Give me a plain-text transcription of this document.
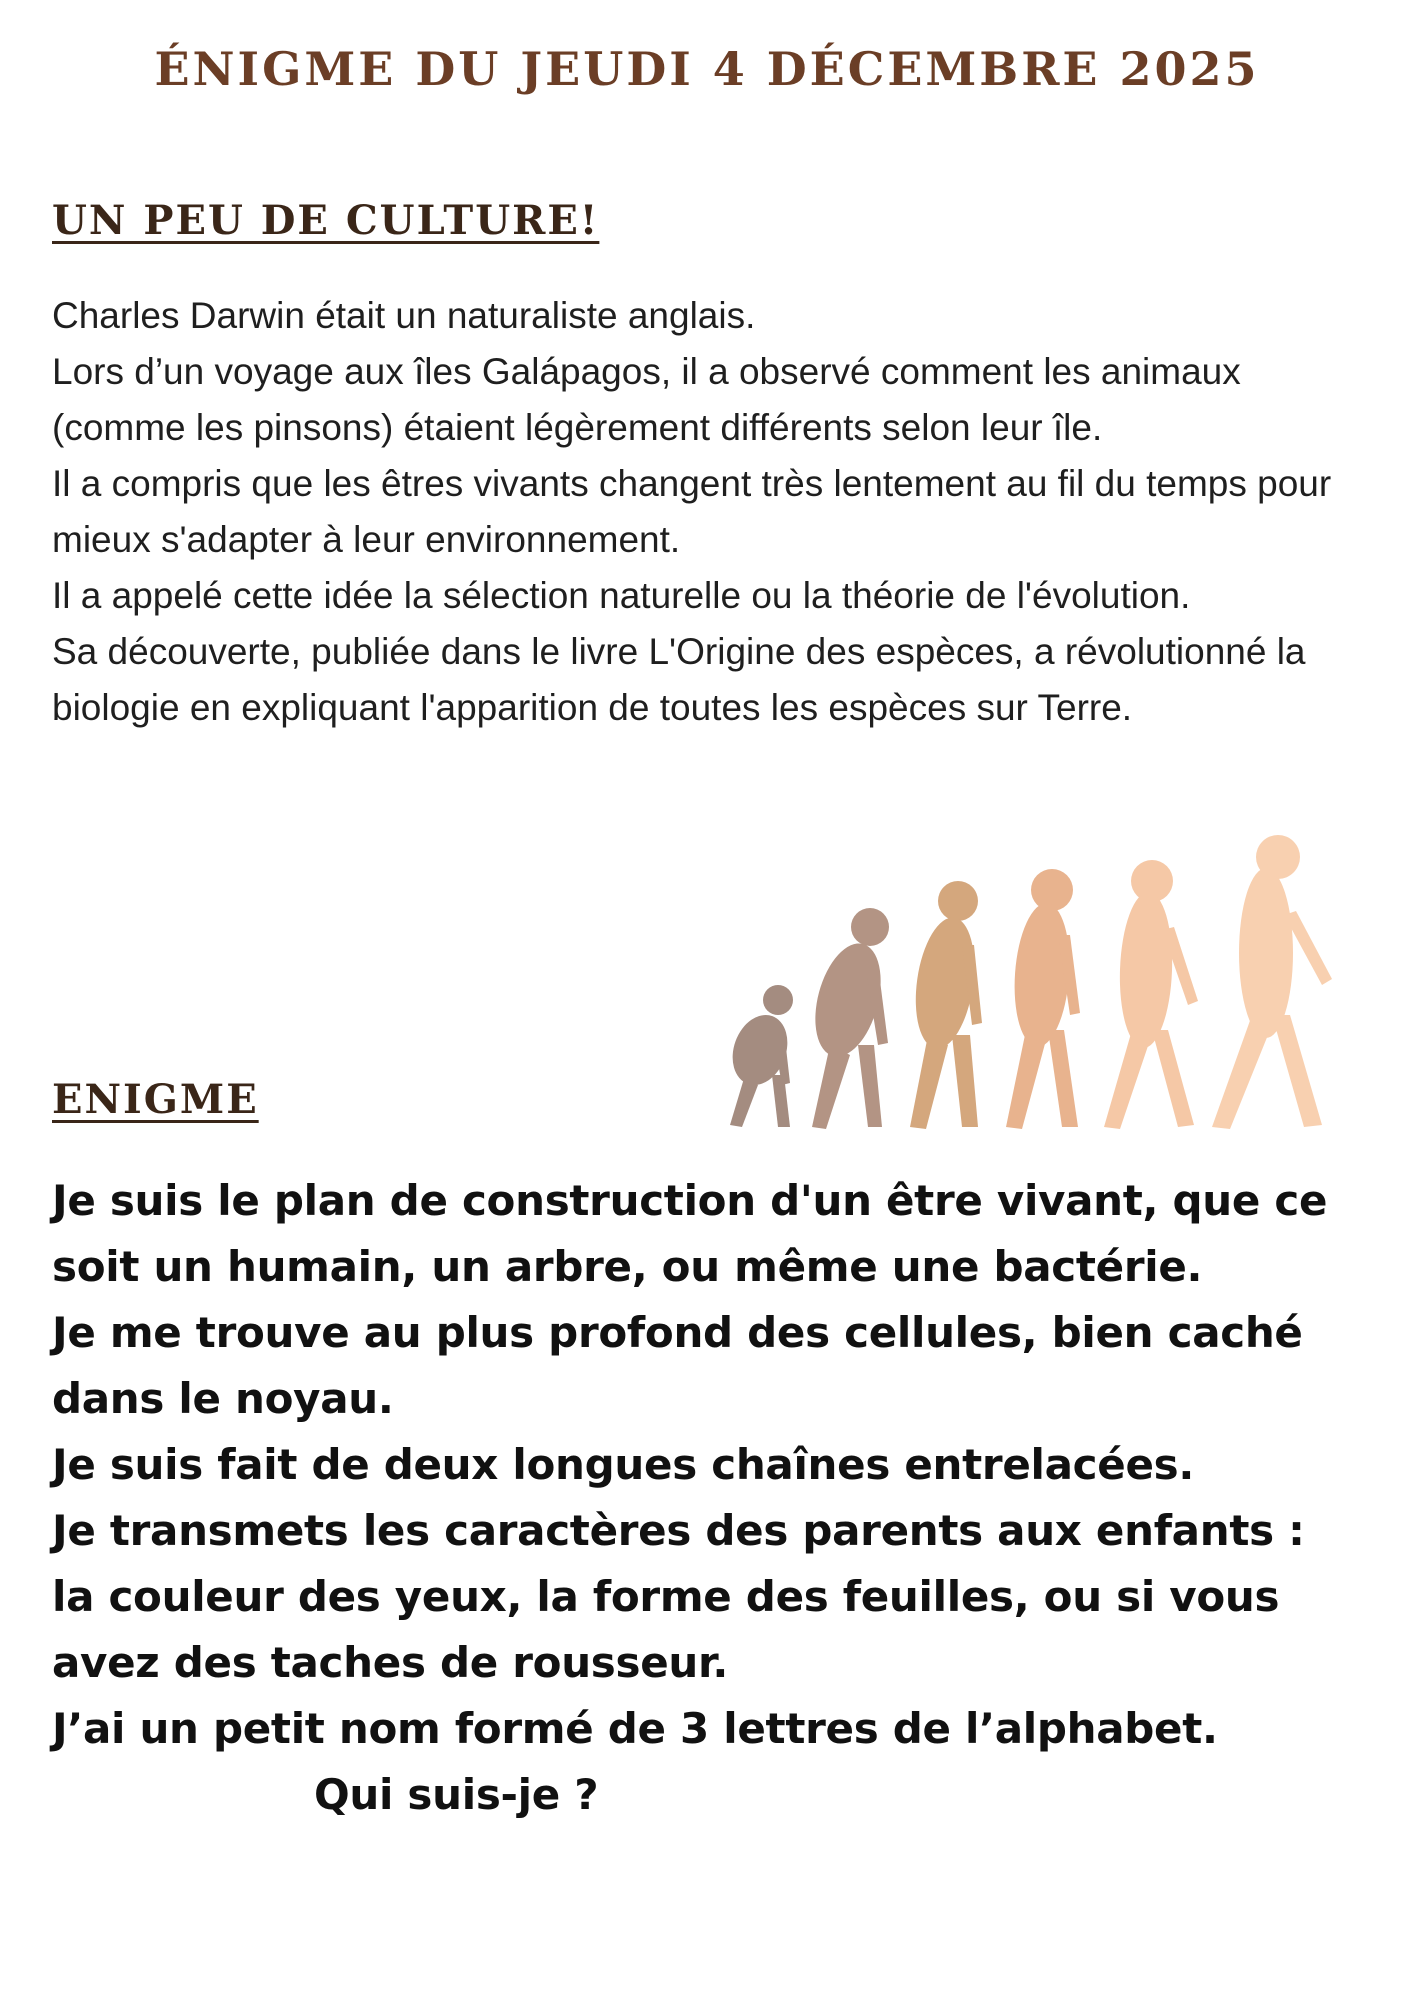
ÉNIGME DU JEUDI 4 DÉCEMBRE 2025
UN PEU DE CULTURE!

Charles Darwin était un naturaliste anglais.

Lors d’un voyage aux îles Galápagos, il a observé comment les animaux (comme les pinsons) étaient légèrement différents selon leur île.

Il a compris que les êtres vivants changent très lentement au fil du temps pour mieux s'adapter à leur environnement.

Il a appelé cette idée la sélection naturelle ou la théorie de l'évolution.

Sa découverte, publiée dans le livre L'Origine des espèces, a révolutionné la biologie en expliquant l'apparition de toutes les espèces sur Terre.

ENIGME

Je suis le plan de construction d'un être vivant, que ce

soit un humain, un arbre, ou même une bactérie.

Je me trouve au plus profond des cellules, bien caché

dans le noyau.

Je suis fait de deux longues chaînes entrelacées.

Je transmets les caractères des parents aux enfants :

la couleur des yeux, la forme des feuilles, ou si vous

avez des taches de rousseur.

J’ai un petit nom formé de 3 lettres de l’alphabet.

Qui suis-je ?
